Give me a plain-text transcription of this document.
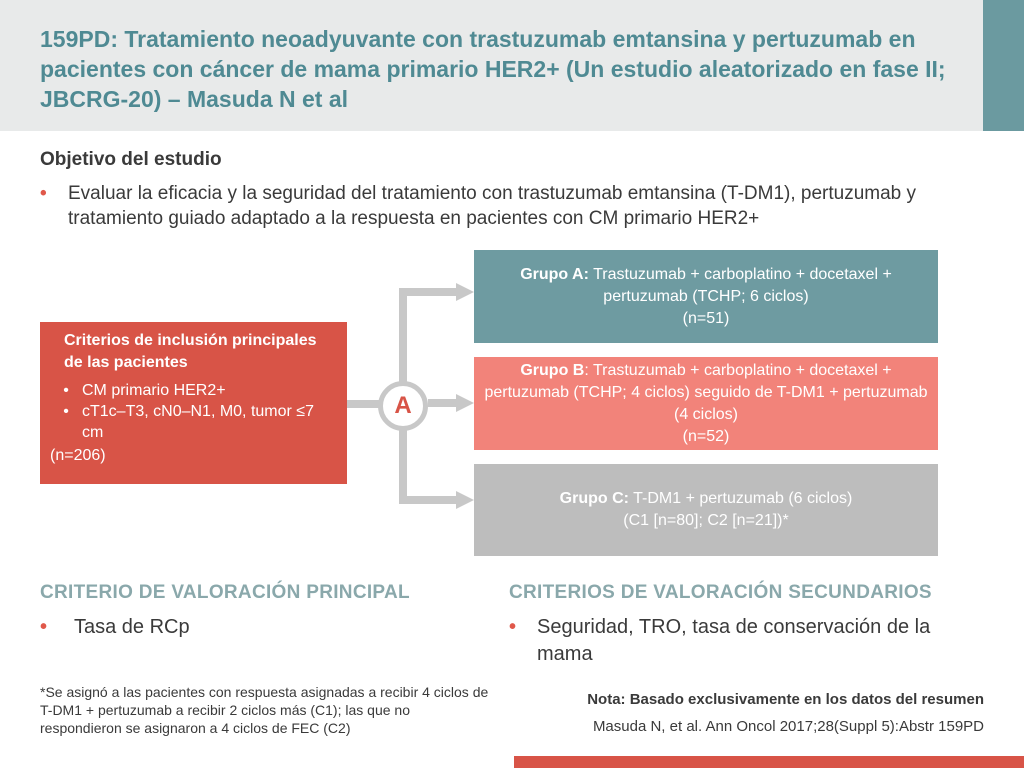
159PD: Tratamiento neoadyuvante con trastuzumab emtansina y pertuzumab en pacientes con cáncer de mama primario HER2+ (Un estudio aleatorizado en fase II; JBCRG-20) – Masuda N et al
Objetivo del estudio
•	Evaluar la eficacia y la seguridad del tratamiento con trastuzumab emtansina (T-DM1), pertuzumab y tratamiento guiado adaptado a la respuesta en pacientes con CM primario HER2+
Criterios de inclusión principales de las pacientes
• CM primario HER2+
• cT1c–T3, cN0–N1, M0, tumor ≤7 cm
(n=206)
A
Grupo A: Trastuzumab + carboplatino + docetaxel + pertuzumab (TCHP; 6 ciclos)
(n=51)
Grupo B: Trastuzumab + carboplatino + docetaxel + pertuzumab (TCHP; 4 ciclos) seguido de T-DM1 + pertuzumab (4 ciclos)
(n=52)
Grupo C: T-DM1 + pertuzumab (6 ciclos)
(C1 [n=80]; C2 [n=21])*
CRITERIO DE VALORACIÓN PRINCIPAL	CRITERIOS DE VALORACIÓN SECUNDARIOS
•	Tasa de RCp	•	Seguridad, TRO, tasa de conservación de la mama
*Se asignó a las pacientes con respuesta asignadas a recibir 4 ciclos de T-DM1 + pertuzumab a recibir 2 ciclos más (C1); las que no respondieron se asignaron a 4 ciclos de FEC (C2)
Nota: Basado exclusivamente en los datos del resumen
Masuda N, et al. Ann Oncol 2017;28(Suppl 5):Abstr 159PD
